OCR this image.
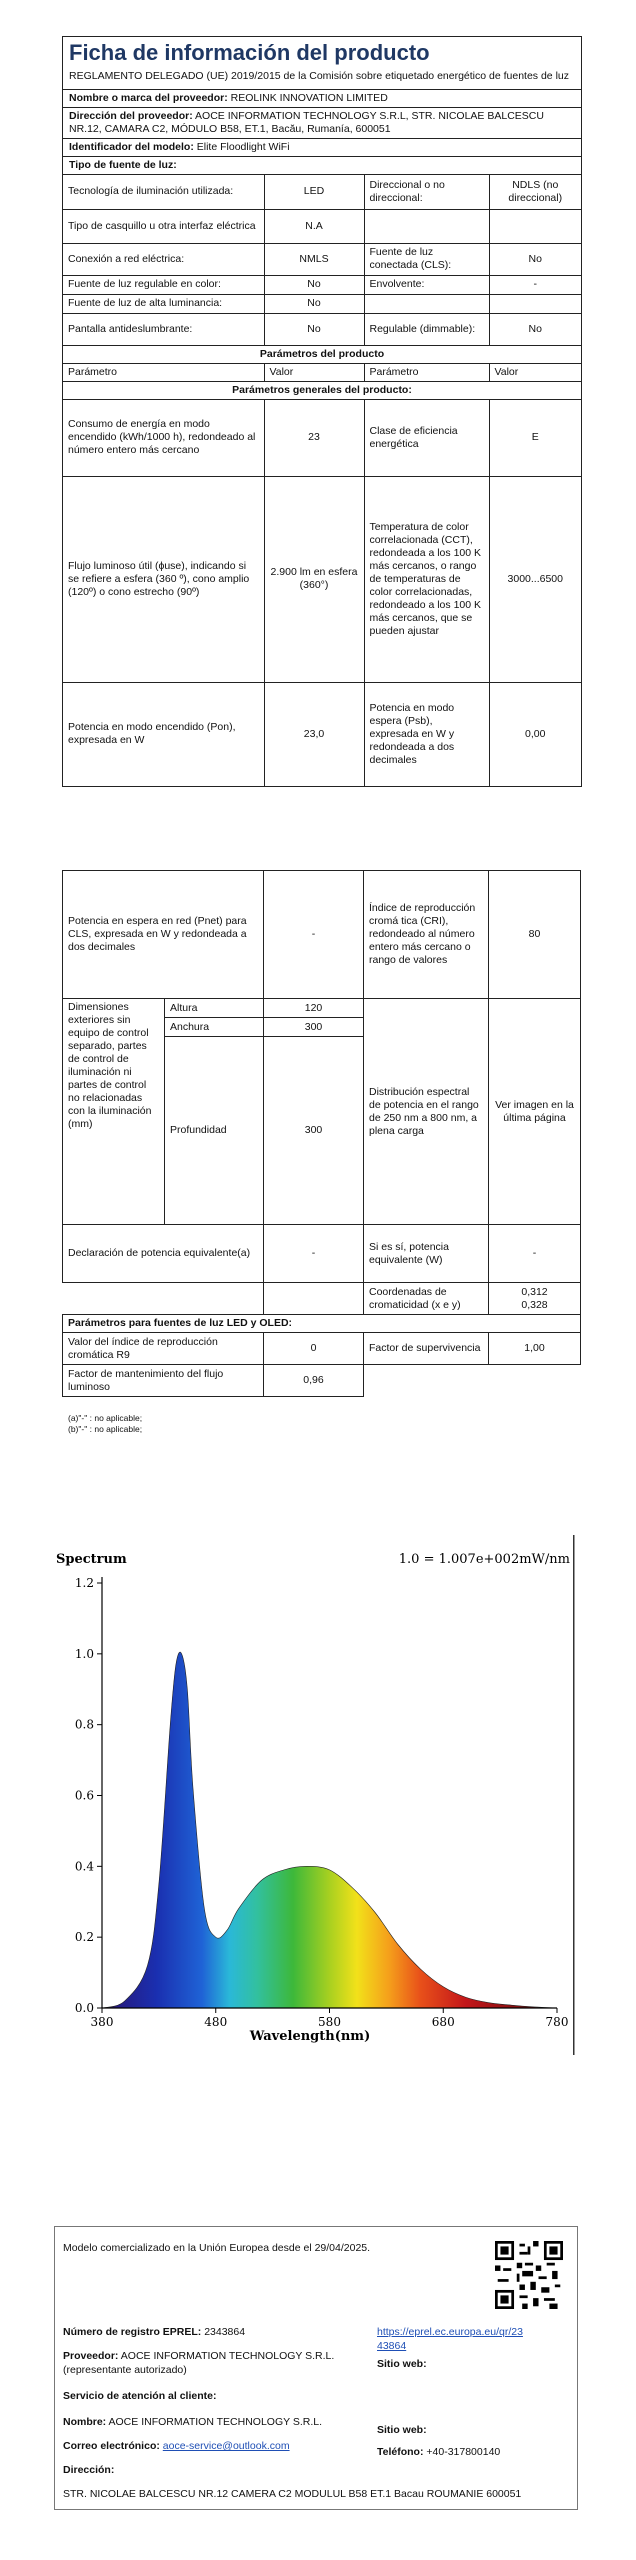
Ficha de información del producto
REGLAMENTO DELEGADO (UE) 2019/2015 de la Comisión sobre etiquetado energético de fuentes de luz
Nombre o marca del proveedor: REOLINK INNOVATION LIMITED
Dirección del proveedor: AOCE INFORMATION TECHNOLOGY S.R.L, STR. NICOLAE BALCESCU NR.12, CAMARA C2, MÓDULO B58, ET.1, Bacău, Rumanía, 600051
Identificador del modelo: Elite Floodlight WiFi
Tipo de fuente de luz:
Tecnología de iluminación utilizada:	LED	Direccional o no direccional:	NDLS (no direccional)
Tipo de casquillo u otra interfaz eléctrica	N.A		
Conexión a red eléctrica:	NMLS	Fuente de luz conectada (CLS):	No
Fuente de luz regulable en color:	No	Envolvente:	-
Fuente de luz de alta luminancia:	No		
Pantalla antideslumbrante:	No	Regulable (dimmable):	No
Parámetros del producto
Parámetro	Valor	Parámetro	Valor
Parámetros generales del producto:
Consumo de energía en modo encendido (kWh/1000 h), redondeado al número entero más cercano	23	Clase de eficiencia energética	E
Flujo luminoso útil (ϕuse), indicando si se refiere a esfera (360 º), cono amplio (120º) o cono estrecho (90º)	2.900 lm en esfera (360°)	Temperatura de color correlacionada (CCT), redondeada a los 100 K más cercanos, o rango de temperaturas de color correlacionadas, redondeado a los 100 K más cercanos, que se pueden ajustar	3000...6500
Potencia en modo encendido (Pon), expresada en W	23,0	Potencia en modo espera (Psb), expresada en W y redondeada a dos decimales	0,00
Potencia en espera en red (Pnet) para CLS, expresada en W y redondeada a dos decimales		-	Índice de reproducción cromá tica (CRI), redondeado al número entero más cercano o rango de valores	80
Dimensiones exteriores sin equipo de control separado, partes de control de iluminación ni partes de control no relacionadas con la iluminación (mm)	Altura	120	Distribución espectral de potencia en el rango de 250 nm a 800 nm, a plena carga	Ver imagen en la última página
	Anchura	300		
	Profundidad	300		
Declaración de potencia equivalente(a)		-	Si es sí, potencia equivalente (W)	-
			Coordenadas de cromaticidad (x e y)	0,312
0,328
Parámetros para fuentes de luz LED y OLED:				
Valor del índice de reproducción cromática R9		0	Factor de supervivencia	1,00
Factor de mantenimiento del flujo luminoso		0,96		
(a)"-" : no aplicable;
(b)"-" : no aplicable;
Spectrum	1.0 = 1.007e+002mW/nm
0.0
0.2
0.4
0.6
0.8
1.0
1.2
380	480	580	680	780
Wavelength(nm)
Modelo comercializado en la Unión Europea desde el 29/04/2025.
Número de registro EPREL: 2343864	https://eprel.ec.europa.eu/qr/23
43864
Proveedor: AOCE INFORMATION TECHNOLOGY S.R.L.
(representante autorizado)	Sitio web:
Servicio de atención al cliente:
Nombre: AOCE INFORMATION TECHNOLOGY S.R.L.
Sitio web:
Correo electrónico: aoce-service@outlook.com	Teléfono: +40-317800140
Dirección:
STR. NICOLAE BALCESCU NR.12 CAMERA C2 MODULUL B58 ET.1 Bacau ROUMANIE 600051
